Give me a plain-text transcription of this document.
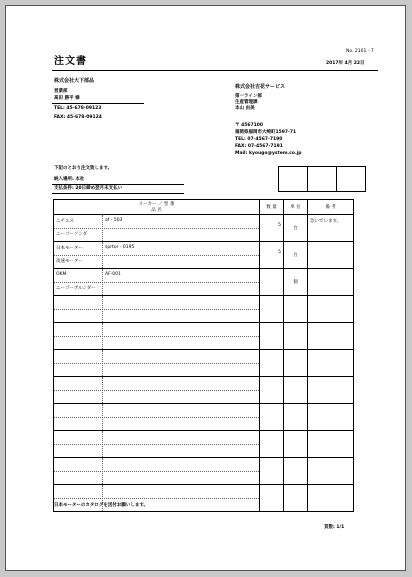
注文書
No. 2101 - 7
2017年 4月 22日
株式会社大下部品
営業部
高田 勝平 様
TEL: 45-678-09123
FAX: 45-678-09124
株式会社吉花サービス
第一ライン部
生産管理課
本山 由美
〒 4567100
福岡県福岡市大崎町1597-71
TEL: 07-4567-7190
FAX: 07-4567-7191
Mail: kyougo@ystem.co.jp
下記のとおり注文致します。
納入場所: 本社
支払条件: 20日締め翌月末支払い
メーカー ／ 型 番
品 名	数 量	単 位	備 考

ニチエス af - 503
ニーゴーソンダ	5	台	急いでいます。

日本モーター sprtor - 0195
高速モーター	5	台	

OKM AF-001
ニーゴーブルンダー		個	

日本モーターのカタログを送付お願いします。
頁数: 1/1
